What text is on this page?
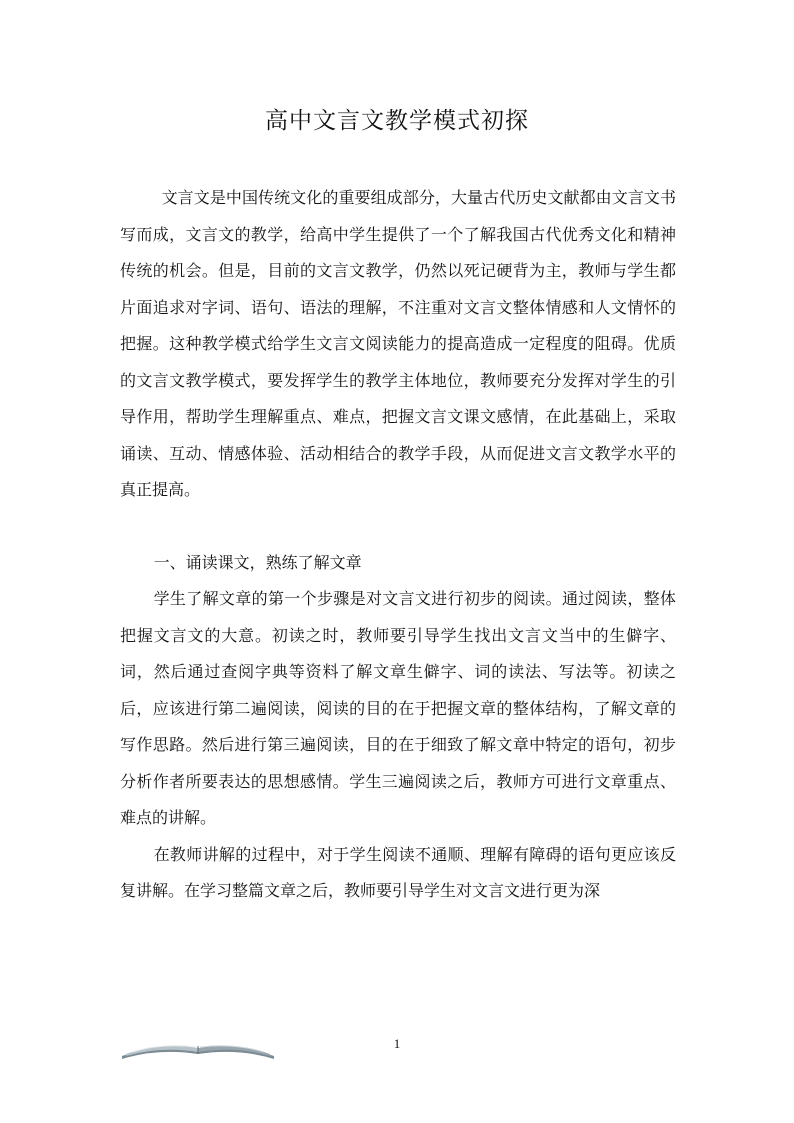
高中文言文教学模式初探

文言文是中国传统文化的重要组成部分，大量古代历史文献都由文言文书写而成，文言文的教学，给高中学生提供了一个了解我国古代优秀文化和精神传统的机会。但是，目前的文言文教学，仍然以死记硬背为主，教师与学生都片面追求对字词、语句、语法的理解，不注重对文言文整体情感和人文情怀的把握。这种教学模式给学生文言文阅读能力的提高造成一定程度的阻碍。优质的文言文教学模式，要发挥学生的教学主体地位，教师要充分发挥对学生的引导作用，帮助学生理解重点、难点，把握文言文课文感情，在此基础上，采取诵读、互动、情感体验、活动相结合的教学手段，从而促进文言文教学水平的真正提高。

一、诵读课文，熟练了解文章

学生了解文章的第一个步骤是对文言文进行初步的阅读。通过阅读，整体把握文言文的大意。初读之时，教师要引导学生找出文言文当中的生僻字、词，然后通过查阅字典等资料了解文章生僻字、词的读法、写法等。初读之后，应该进行第二遍阅读，阅读的目的在于把握文章的整体结构，了解文章的写作思路。然后进行第三遍阅读，目的在于细致了解文章中特定的语句，初步分析作者所要表达的思想感情。学生三遍阅读之后，教师方可进行文章重点、难点的讲解。

在教师讲解的过程中，对于学生阅读不通顺、理解有障碍的语句更应该反复讲解。在学习整篇文章之后，教师要引导学生对文言文进行更为深

1
